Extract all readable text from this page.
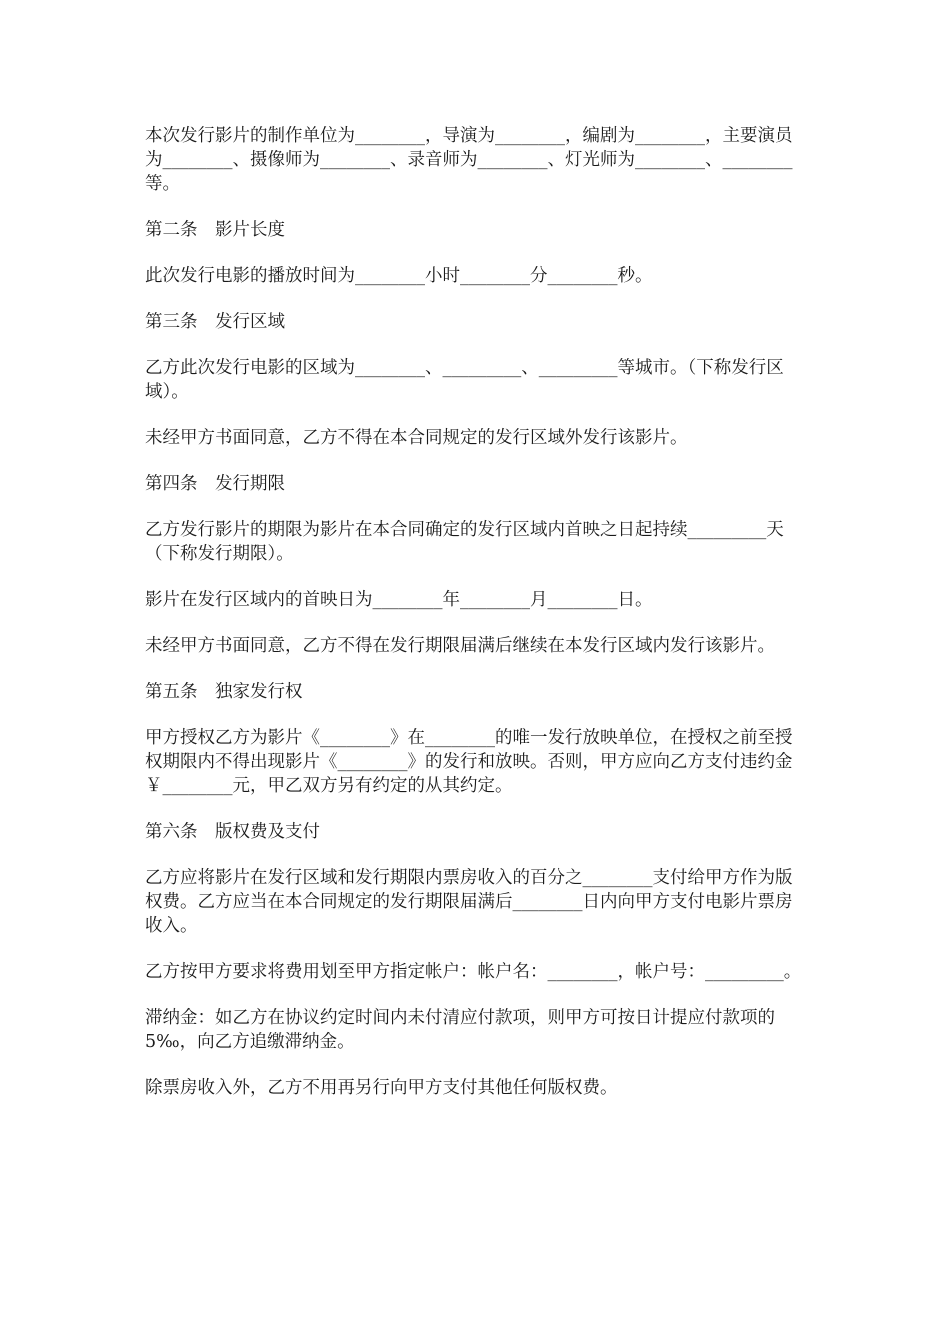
本次发行影片的制作单位为________，导演为________，编剧为________，主要演员为________、摄像师为________、录音师为________、灯光师为________、________等。

第二条　影片长度

此次发行电影的播放时间为________小时________分________秒。

第三条　发行区域

乙方此次发行电影的区域为________、_________、_________等城市。（下称发行区域）。

未经甲方书面同意，乙方不得在本合同规定的发行区域外发行该影片。

第四条　发行期限

乙方发行影片的期限为影片在本合同确定的发行区域内首映之日起持续_________天（下称发行期限）。

影片在发行区域内的首映日为________年________月________日。

未经甲方书面同意，乙方不得在发行期限届满后继续在本发行区域内发行该影片。

第五条　独家发行权

甲方授权乙方为影片《________》在________的唯一发行放映单位，在授权之前至授权期限内不得出现影片《________》的发行和放映。否则，甲方应向乙方支付违约金￥________元，甲乙双方另有约定的从其约定。

第六条　版权费及支付

乙方应将影片在发行区域和发行期限内票房收入的百分之________支付给甲方作为版权费。乙方应当在本合同规定的发行期限届满后________日内向甲方支付电影片票房收入。

乙方按甲方要求将费用划至甲方指定帐户：帐户名：________，帐户号：_________。

滞纳金：如乙方在协议约定时间内未付清应付款项，则甲方可按日计提应付款项的5‰，向乙方追缴滞纳金。

除票房收入外，乙方不用再另行向甲方支付其他任何版权费。
